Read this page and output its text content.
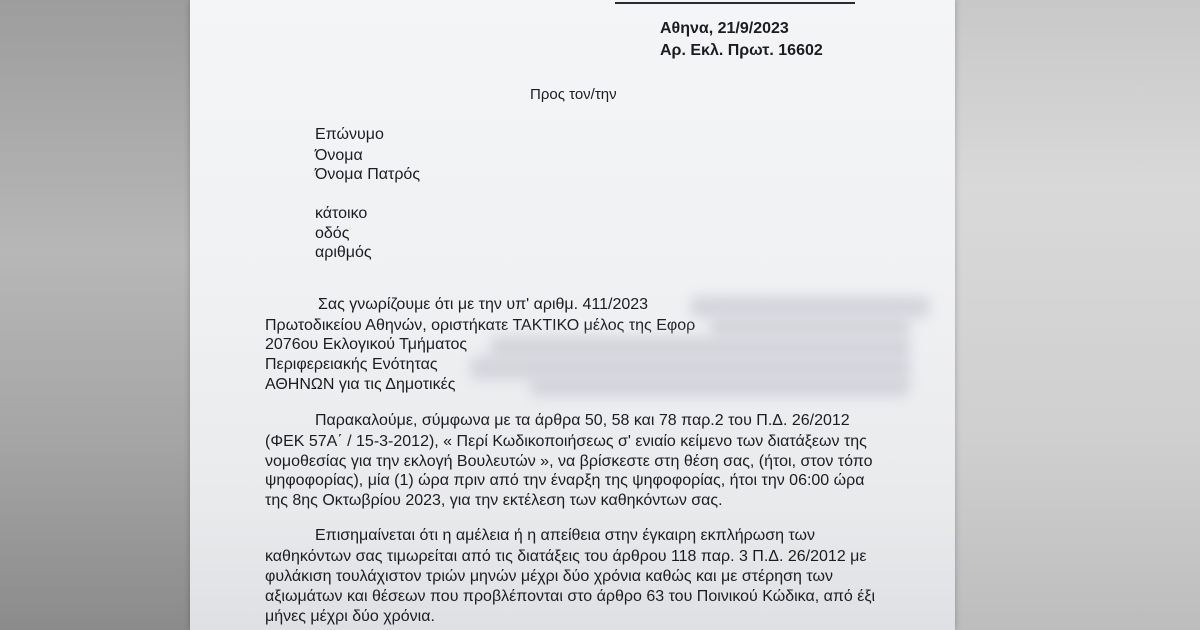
Αθηνα, 21/9/2023
Αρ. Εκλ. Πρωτ. 16602
Προς τον/την
Επώνυμο
Όνομα
Όνομα Πατρός
κάτοικο
οδός
αριθμός
Σας γνωρίζουμε ότι με την υπ' αριθμ. 411/2023
Πρωτοδικείου Αθηνών, οριστήκατε ΤΑΚΤΙΚΟ μέλος της Εφορ
2076ου Εκλογικού Τμήματος
Περιφερειακής Ενότητας
ΑΘΗΝΩΝ για τις Δημοτικές
Παρακαλούμε, σύμφωνα με τα άρθρα 50, 58 και 78 παρ.2 του Π.Δ. 26/2012
(ΦΕΚ 57Α΄ / 15-3-2012), « Περί Κωδικοποιήσεως σ' ενιαίο κείμενο των διατάξεων της
νομοθεσίας για την εκλογή Βουλευτών », να βρίσκεστε στη θέση σας, (ήτοι, στον τόπο
ψηφοφορίας), μία (1) ώρα πριν από την έναρξη της ψηφοφορίας, ήτοι την 06:00 ώρα
της 8ης Οκτωβρίου 2023, για την εκτέλεση των καθηκόντων σας.
Επισημαίνεται ότι η αμέλεια ή η απείθεια στην έγκαιρη εκπλήρωση των
καθηκόντων σας τιμωρείται από τις διατάξεις του άρθρου 118 παρ. 3 Π.Δ. 26/2012 με
φυλάκιση τουλάχιστον τριών μηνών μέχρι δύο χρόνια καθώς και με στέρηση των
αξιωμάτων και θέσεων που προβλέπονται στο άρθρο 63 του Ποινικού Κώδικα, από έξι
μήνες μέχρι δύο χρόνια.
